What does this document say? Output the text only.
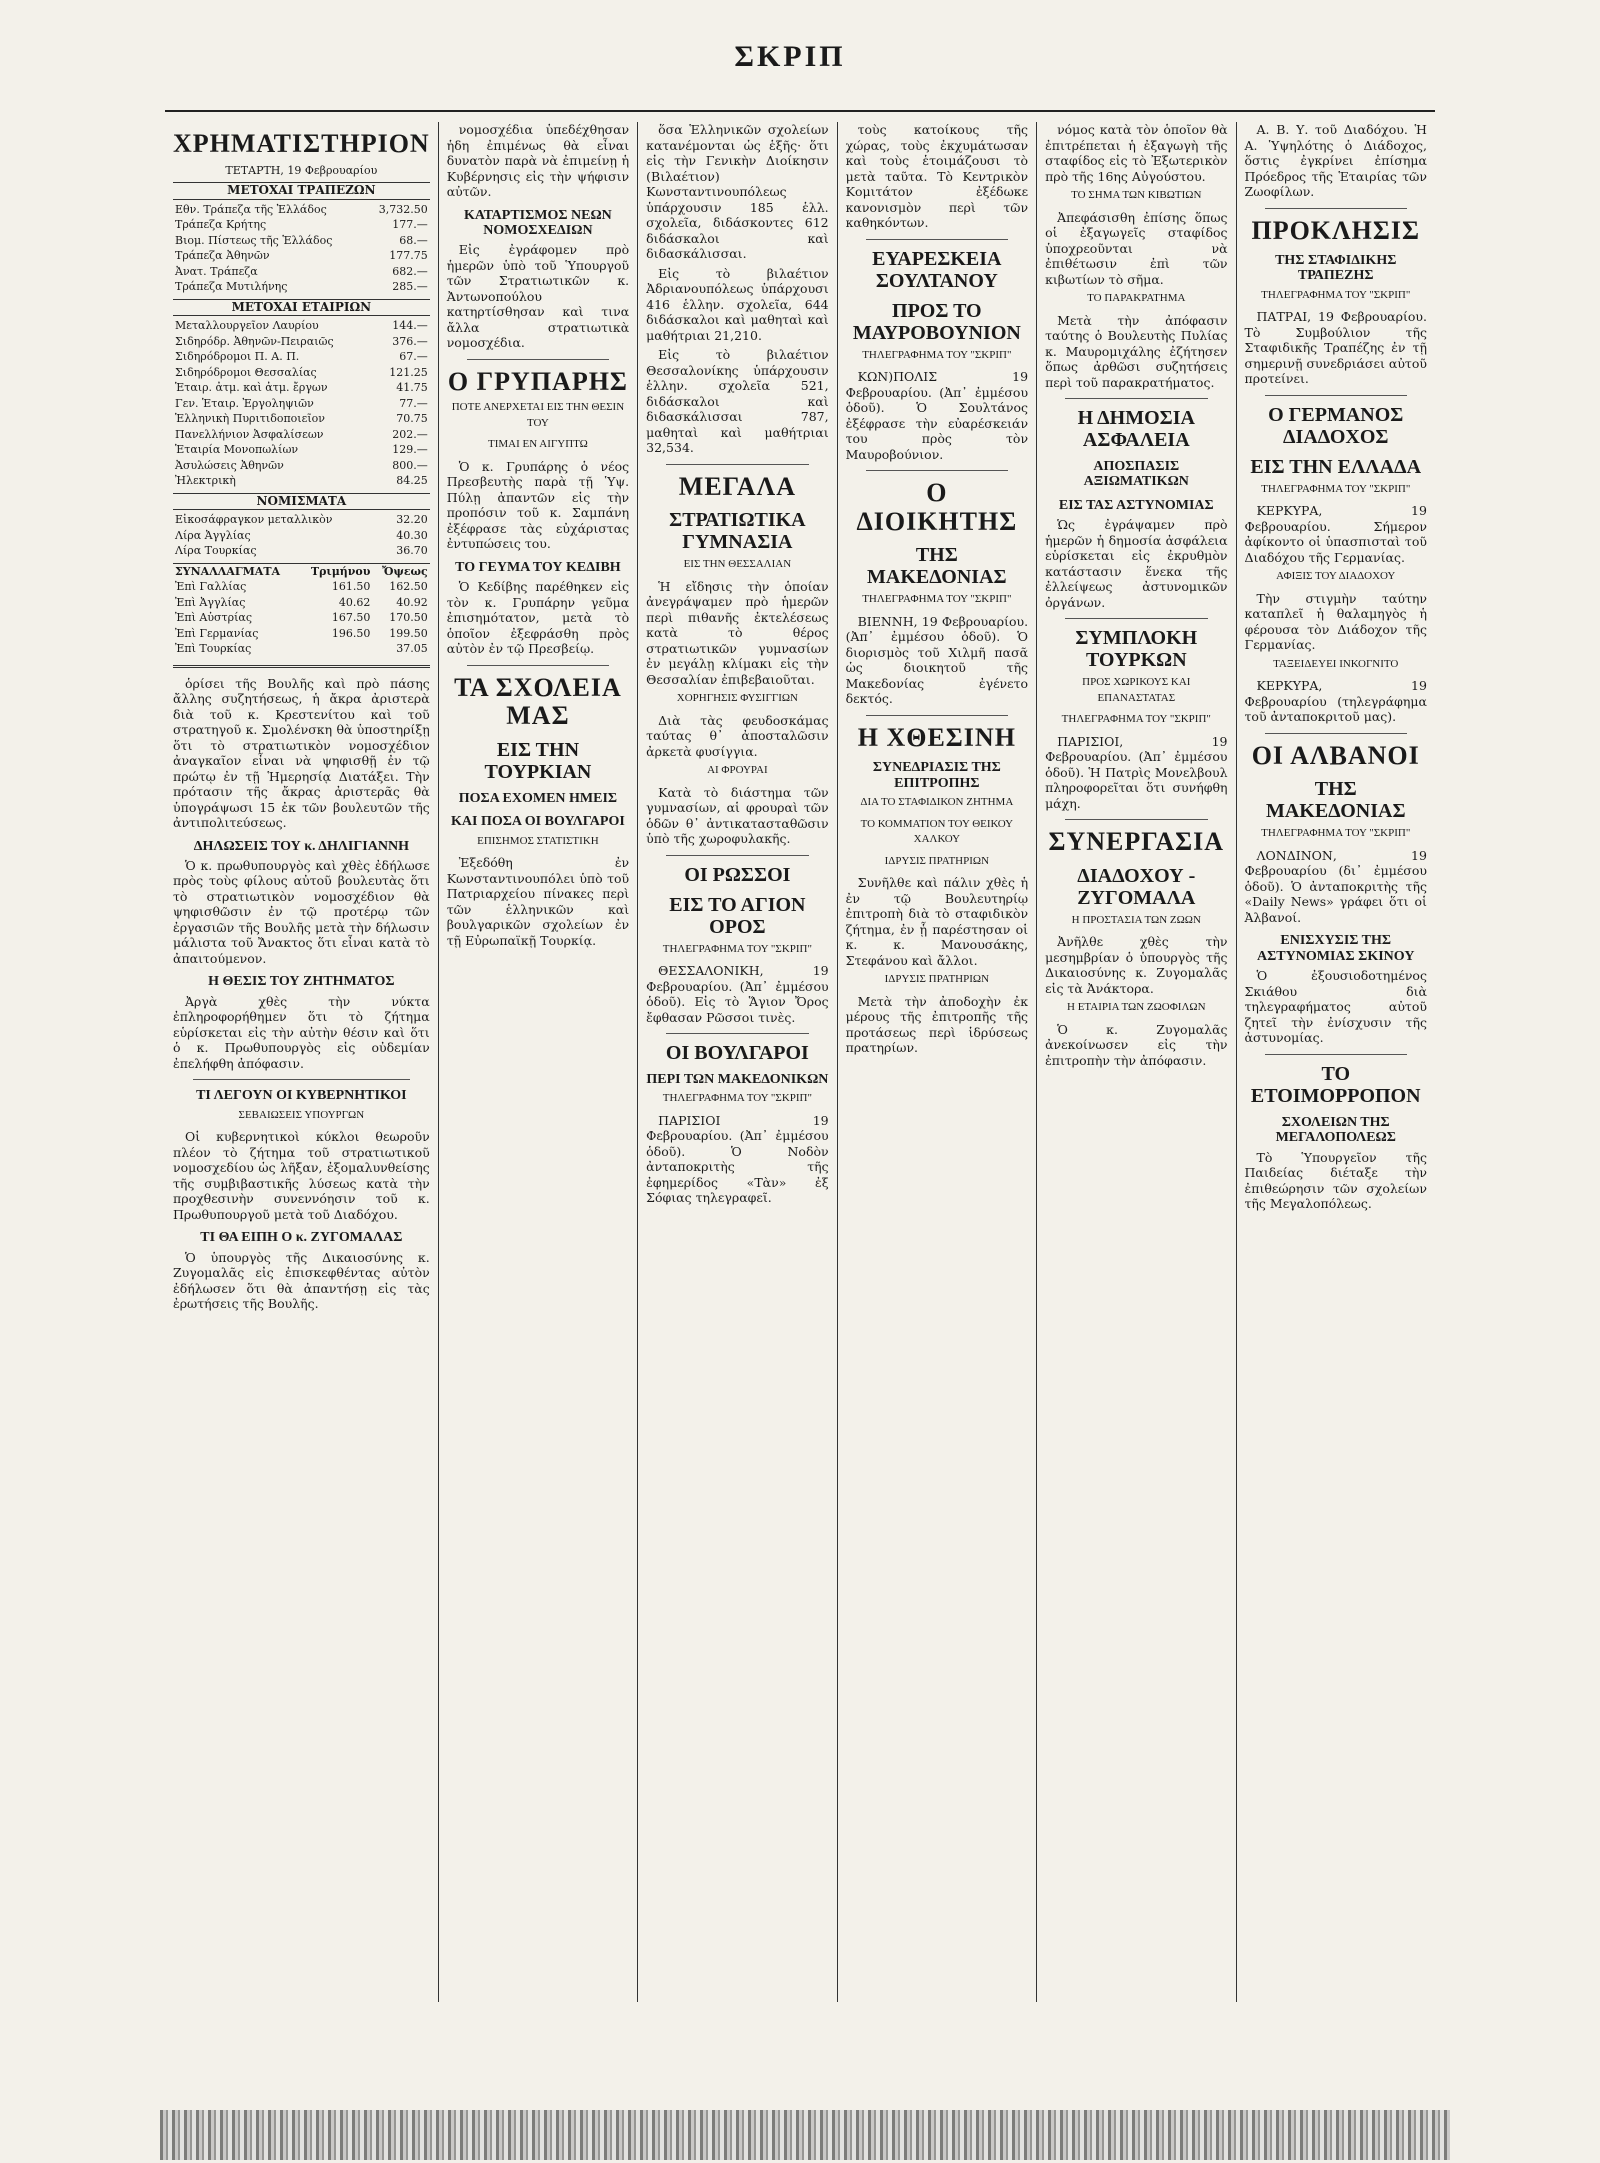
ΣΚΡΙΠ
ΧΡΗΜΑΤΙΣΤΗΡΙΟΝ
ΤΕΤΑΡΤΗ, 19 Φεβρουαρίου
ΜΕΤΟΧΑΙ ΤΡΑΠΕΖΩΝ
Εθν. Τράπεζα τῆς Ἑλλάδος	3,732.50
Τράπεζα Κρήτης	177.—
Βιομ. Πίστεως τῆς Ἑλλάδος	68.—
Τράπεζα Ἀθηνῶν	177.75
Ἀνατ. Τράπεζα	682.—
Τράπεζα Μυτιλήνης	285.—
ΜΕΤΟΧΑΙ ΕΤΑΙΡΙΩΝ
Μεταλλουργεῖον Λαυρίου	144.—
Σιδηρόδρ. Ἀθηνῶν-Πειραιῶς	376.—
Σιδηρόδρομοι Π. Α. Π.	67.—
Σιδηρόδρομοι Θεσσαλίας	121.25
Ἑταιρ. ἀτμ. καὶ ἀτμ. ἔργων	41.75
Γεν. Ἑταιρ. Ἐργοληψιῶν	77.—
Ἑλληνικὴ Πυριτιδοποιεῖον	70.75
Πανελλήνιον Ἀσφαλίσεων	202.—
Ἑταιρία Μονοπωλίων	129.—
Ἀσυλώσεις Ἀθηνῶν	800.—
Ἠλεκτρικὴ	84.25
ΝΟΜΙΣΜΑΤΑ
Εἰκοσάφραγκον μεταλλικὸν	32.20
Λίρα Ἀγγλίας	40.30
Λίρα Τουρκίας	36.70
ΣΥΝΑΛΛΑΓΜΑΤΑ	Τριμήνου	Ὄψεως
Ἐπὶ Γαλλίας	161.50	162.50
Ἐπὶ Ἀγγλίας	40.62	40.92
Ἐπὶ Αὐστρίας	167.50	170.50
Ἐπὶ Γερμανίας	196.50	199.50
Ἐπὶ Τουρκίας		37.05

ὁρίσει τῆς Βουλῆς καὶ πρὸ πάσης ἄλλης συζητήσεως, ἡ ἄκρα ἀριστερὰ διὰ τοῦ κ. Κρεστενίτου καὶ τοῦ στρατηγοῦ κ. Σμολένσκη θὰ ὑποστηρίξῃ ὅτι τὸ στρατιωτικὸν νομοσχέδιον ἀναγκαῖον εἶναι νὰ ψηφισθῇ ἐν τῷ πρώτῳ ἐν τῇ Ἡμερησίᾳ Διατάξει. Τὴν πρότασιν τῆς ἄκρας ἀριστερᾶς θὰ ὑπογράψωσι 15 ἐκ τῶν βουλευτῶν τῆς ἀντιπολιτεύσεως.

ΔΗΛΩΣΕΙΣ ΤΟΥ κ. ΔΗΛΙΓΙΑΝΝΗ

Ὁ κ. πρωθυπουργὸς καὶ χθὲς ἐδήλωσε πρὸς τοὺς φίλους αὐτοῦ βουλευτὰς ὅτι τὸ στρατιωτικὸν νομοσχέδιον θὰ ψηφισθῶσιν ἐν τῷ προτέρῳ τῶν ἐργασιῶν τῆς Βουλῆς μετὰ τὴν δήλωσιν μάλιστα τοῦ Ἄνακτος ὅτι εἶναι κατὰ τὸ ἀπαιτούμενον.

Η ΘΕΣΙΣ ΤΟΥ ΖΗΤΗΜΑΤΟΣ

Ἀργὰ χθὲς τὴν νύκτα ἐπληροφορήθημεν ὅτι τὸ ζήτημα εὑρίσκεται εἰς τὴν αὐτὴν θέσιν καὶ ὅτι ὁ κ. Πρωθυπουργὸς εἰς οὐδεμίαν ἐπελήφθη ἀπόφασιν.

ΤΙ ΛΕΓΟΥΝ ΟΙ ΚΥΒΕΡΝΗΤΙΚΟΙ
ΣΕΒΑΙΩΣΕΙΣ ΥΠΟΥΡΓΩΝ

Οἱ κυβερνητικοὶ κύκλοι θεωροῦν πλέον τὸ ζήτημα τοῦ στρατιωτικοῦ νομοσχεδίου ὡς λῆξαν, ἐξομαλυνθείσης τῆς συμβιβαστικῆς λύσεως κατὰ τὴν προχθεσινὴν συνεννόησιν τοῦ κ. Πρωθυπουργοῦ μετὰ τοῦ Διαδόχου.

ΤΙ ΘΑ ΕΙΠΗ Ο κ. ΖΥΓΟΜΑΛΑΣ

Ὁ ὑπουργὸς τῆς Δικαιοσύνης κ. Ζυγομαλᾶς εἰς ἐπισκεφθέντας αὐτὸν ἐδήλωσεν ὅτι θὰ ἀπαντήσῃ εἰς τὰς ἐρωτήσεις τῆς Βουλῆς.

νομοσχέδια ὑπεδέχθησαν ἡδη ἐπιμένως θὰ εἶναι δυνατὸν παρὰ νὰ ἐπιμείνῃ ἡ Κυβέρνησις εἰς τὴν ψήφισιν αὐτῶν.

ΚΑΤΑΡΤΙΣΜΟΣ ΝΕΩΝ ΝΟΜΟΣΧΕΔΙΩΝ

Εἰς ἐγράφομεν πρὸ ἡμερῶν ὑπὸ τοῦ Ὑπουργοῦ τῶν Στρατιωτικῶν κ. Ἀντωνοπούλου κατηρτίσθησαν καὶ τινα ἄλλα στρατιωτικὰ νομοσχέδια.

Ο ΓΡΥΠΑΡΗΣ
ΠΟΤΕ ΑΝΕΡΧΕΤΑΙ ΕΙΣ ΤΗΝ ΘΕΣΙΝ ΤΟΥ
ΤΙΜΑΙ ΕΝ ΑΙΓΥΠΤΩ

Ὁ κ. Γρυπάρης ὁ νέος Πρεσβευτὴς παρὰ τῇ Ὑψ. Πύλῃ ἀπαντῶν εἰς τὴν προπόσιν τοῦ κ. Σαμπάνη ἐξέφρασε τὰς εὐχάριστας ἐντυπώσεις του.

ΤΟ ΓΕΥΜΑ ΤΟΥ ΚΕΔΙΒΗ

Ὁ Κεδίβης παρέθηκεν εἰς τὸν κ. Γρυπάρην γεῦμα ἐπισημότατον, μετὰ τὸ ὁποῖον ἐξεφράσθη πρὸς αὐτὸν ἐν τῷ Πρεσβείῳ.

ΤΑ ΣΧΟΛΕΙΑ ΜΑΣ
ΕΙΣ ΤΗΝ ΤΟΥΡΚΙΑΝ
ΠΟΣΑ ΕΧΟΜΕΝ ΗΜΕΙΣ
ΚΑΙ ΠΟΣΑ ΟΙ ΒΟΥΛΓΑΡΟΙ
ΕΠΙΣΗΜΟΣ ΣΤΑΤΙΣΤΙΚΗ

Ἐξεδόθη ἐν Κωνσταντινουπόλει ὑπὸ τοῦ Πατριαρχείου πίνακες περὶ τῶν ἑλληνικῶν καὶ βουλγαρικῶν σχολείων ἐν τῇ Εὐρωπαϊκῇ Τουρκίᾳ.

ὅσα Ἑλληνικῶν σχολείων κατανέμονται ὡς ἑξῆς· ὅτι εἰς τὴν Γενικὴν Διοίκησιν (Βιλαέτιον) Κωνσταντινουπόλεως ὑπάρχουσιν 185 ἑλλ. σχολεῖα, διδάσκοντες 612 διδάσκαλοι καὶ διδασκάλισσαι.

Εἰς τὸ βιλαέτιον Ἀδριανουπόλεως ὑπάρχουσι 416 ἑλλην. σχολεῖα, 644 διδάσκαλοι καὶ μαθηταὶ καὶ μαθήτριαι 21,210.

Εἰς τὸ βιλαέτιον Θεσσαλονίκης ὑπάρχουσιν ἑλλην. σχολεῖα 521, διδάσκαλοι καὶ διδασκάλισσαι 787, μαθηταὶ καὶ μαθήτριαι 32,534.

ΜΕΓΑΛΑ
ΣΤΡΑΤΙΩΤΙΚΑ ΓΥΜΝΑΣΙΑ
ΕΙΣ ΤΗΝ ΘΕΣΣΑΛΙΑΝ

Ἡ εἴδησις τὴν ὁποίαν ἀνεγράψαμεν πρὸ ἡμερῶν περὶ πιθανῆς ἐκτελέσεως κατὰ τὸ θέρος στρατιωτικῶν γυμνασίων ἐν μεγάλῃ κλίμακι εἰς τὴν Θεσσαλίαν ἐπιβεβαιοῦται.

ΧΟΡΗΓΗΣΙΣ ΦΥΣΙΓΓΙΩΝ

Διὰ τὰς φευδοσκάμας ταύτας θ᾿ ἀποσταλῶσιν ἀρκετὰ φυσίγγια.

ΑΙ ΦΡΟΥΡΑΙ

Κατὰ τὸ διάστημα τῶν γυμνασίων, αἱ φρουραὶ τῶν ὁδῶν θ᾿ ἀντικατασταθῶσιν ὑπὸ τῆς χωροφυλακῆς.

ΟΙ ΡΩΣΣΟΙ
ΕΙΣ ΤΟ ΑΓΙΟΝ ΟΡΟΣ
ΤΗΛΕΓΡΑΦΗΜΑ ΤΟΥ "ΣΚΡΙΠ"

ΘΕΣΣΑΛΟΝΙΚΗ, 19 Φεβρουαρίου. (Ἀπ᾿ ἐμμέσου ὁδοῦ). Εἰς τὸ Ἅγιον Ὄρος ἔφθασαν Ρῶσσοι τινὲς.

ΟΙ ΒΟΥΛΓΑΡΟΙ
ΠΕΡΙ ΤΩΝ ΜΑΚΕΔΟΝΙΚΩΝ
ΤΗΛΕΓΡΑΦΗΜΑ ΤΟΥ "ΣΚΡΙΠ"

ΠΑΡΙΣΙΟΙ 19 Φεβρουαρίου. (Ἀπ᾿ ἐμμέσου ὁδοῦ). Ὁ Νοδὸν ἀνταποκριτὴς τῆς ἐφημερίδος «Τὰν» ἐξ Σόφιας τηλεγραφεῖ.

τοὺς κατοίκους τῆς χώρας, τοὺς ἐκχυμάτωσαν καὶ τοὺς ἑτοιμάζουσι τὸ μετὰ ταῦτα. Τὸ Κεντρικὸν Κομιτάτον ἐξέδωκε κανονισμὸν περὶ τῶν καθηκόντων.

ΕΥΑΡΕΣΚΕΙΑ ΣΟΥΛΤΑΝΟΥ
ΠΡΟΣ ΤΟ ΜΑΥΡΟΒΟΥΝΙΟΝ
ΤΗΛΕΓΡΑΦΗΜΑ ΤΟΥ "ΣΚΡΙΠ"

ΚΩΝ)ΠΟΛΙΣ 19 Φεβρουαρίου. (Ἀπ᾿ ἐμμέσου ὁδοῦ). Ὁ Σουλτάνος ἐξέφρασε τὴν εὐαρέσκειάν του πρὸς τὸν Μαυροβούνιον.

Ο ΔΙΟΙΚΗΤΗΣ
ΤΗΣ ΜΑΚΕΔΟΝΙΑΣ
ΤΗΛΕΓΡΑΦΗΜΑ ΤΟΥ "ΣΚΡΙΠ"

ΒΙΕΝΝΗ, 19 Φεβρουαρίου. (Ἀπ᾿ ἐμμέσου ὁδοῦ). Ὁ διορισμὸς τοῦ Χιλμῆ πασᾶ ὡς διοικητοῦ τῆς Μακεδονίας ἐγένετο δεκτός.

Η ΧΘΕΣΙΝΗ
ΣΥΝΕΔΡΙΑΣΙΣ ΤΗΣ ΕΠΙΤΡΟΠΗΣ
ΔΙΑ ΤΟ ΣΤΑΦΙΔΙΚΟΝ ΖΗΤΗΜΑ
ΤΟ ΚΟΜΜΑΤΙΟΝ ΤΟΥ ΘΕΙΚΟΥ ΧΑΛΚΟΥ
ΙΔΡΥΣΙΣ ΠΡΑΤΗΡΙΩΝ

Συνῆλθε καὶ πάλιν χθὲς ἡ ἐν τῷ Βουλευτηρίῳ ἐπιτροπὴ διὰ τὸ σταφιδικὸν ζήτημα, ἐν ᾗ παρέστησαν οἱ κ. κ. Μανουσάκης, Στεφάνου καὶ ἄλλοι.

ΙΔΡΥΣΙΣ ΠΡΑΤΗΡΙΩΝ

Μετὰ τὴν ἀποδοχὴν ἐκ μέρους τῆς ἐπιτροπῆς τῆς προτάσεως περὶ ἱδρύσεως πρατηρίων.

νόμος κατὰ τὸν ὁποῖον θὰ ἐπιτρέπεται ἡ ἐξαγωγὴ τῆς σταφίδος εἰς τὸ Ἐξωτερικὸν πρὸ τῆς 16ης Αὐγούστου.

ΤΟ ΣΗΜΑ ΤΩΝ ΚΙΒΩΤΙΩΝ

Ἀπεφάσισθη ἐπίσης ὅπως οἱ ἐξαγωγεῖς σταφίδος ὑποχρεοῦνται νὰ ἐπιθέτωσιν ἐπὶ τῶν κιβωτίων τὸ σῆμα.

ΤΟ ΠΑΡΑΚΡΑΤΗΜΑ

Μετὰ τὴν ἀπόφασιν ταύτης ὁ Βουλευτὴς Πυλίας κ. Μαυρομιχάλης ἐζήτησεν ὅπως ἀρθῶσι συζητήσεις περὶ τοῦ παρακρατήματος.

Η ΔΗΜΟΣΙΑ ΑΣΦΑΛΕΙΑ
ΑΠΟΣΠΑΣΙΣ ΑΞΙΩΜΑΤΙΚΩΝ
ΕΙΣ ΤΑΣ ΑΣΤΥΝΟΜΙΑΣ

Ὡς ἐγράψαμεν πρὸ ἡμερῶν ἡ δημοσία ἀσφάλεια εὑρίσκεται εἰς ἐκρυθμὸν κατάστασιν ἕνεκα τῆς ἐλλείψεως ἀστυνομικῶν ὀργάνων.

ΣΥΜΠΛΟΚΗ ΤΟΥΡΚΩΝ
ΠΡΟΣ ΧΩΡΙΚΟΥΣ ΚΑΙ ΕΠΑΝΑΣΤΑΤΑΣ
ΤΗΛΕΓΡΑΦΗΜΑ ΤΟΥ "ΣΚΡΙΠ"

ΠΑΡΙΣΙΟΙ, 19 Φεβρουαρίου. (Ἀπ᾿ ἐμμέσου ὁδοῦ). Ἡ Πατρὶς Μονελβουλ πληροφορεῖται ὅτι συνήφθη μάχη.

ΣΥΝΕΡΓΑΣΙΑ
ΔΙΑΔΟΧΟΥ - ΖΥΓΟΜΑΛΑ
Η ΠΡΟΣΤΑΣΙΑ ΤΩΝ ΖΩΩΝ

Ἀνῆλθε χθὲς τὴν μεσημβρίαν ὁ ὑπουργὸς τῆς Δικαιοσύνης κ. Ζυγομαλᾶς εἰς τὰ Ἀνάκτορα.

Η ΕΤΑΙΡΙΑ ΤΩΝ ΖΩΟΦΙΛΩΝ

Ὁ κ. Ζυγομαλᾶς ἀνεκοίνωσεν εἰς τὴν ἐπιτροπὴν τὴν ἀπόφασιν.

Α. Β. Υ. τοῦ Διαδόχου. Ἡ Α. Ὑψηλότης ὁ Διάδοχος, ὅστις ἐγκρίνει ἐπίσημα Πρόεδρος τῆς Ἑταιρίας τῶν Ζωοφίλων.

ΠΡΟΚΛΗΣΙΣ
ΤΗΣ ΣΤΑΦΙΔΙΚΗΣ ΤΡΑΠΕΖΗΣ
ΤΗΛΕΓΡΑΦΗΜΑ ΤΟΥ "ΣΚΡΙΠ"

ΠΑΤΡΑΙ, 19 Φεβρουαρίου. Τὸ Συμβούλιον τῆς Σταφιδικῆς Τραπέζης ἐν τῇ σημερινῇ συνεδριάσει αὐτοῦ προτείνει.

Ο ΓΕΡΜΑΝΟΣ ΔΙΑΔΟΧΟΣ
ΕΙΣ ΤΗΝ ΕΛΛΑΔΑ
ΤΗΛΕΓΡΑΦΗΜΑ ΤΟΥ "ΣΚΡΙΠ"

ΚΕΡΚΥΡΑ, 19 Φεβρουαρίου. Σήμερον ἀφίκοντο οἱ ὑπασπισταὶ τοῦ Διαδόχου τῆς Γερμανίας.

ΑΦΙΞΙΣ ΤΟΥ ΔΙΑΔΟΧΟΥ

Τὴν στιγμὴν ταύτην καταπλεῖ ἡ θαλαμηγὸς ἡ φέρουσα τὸν Διάδοχον τῆς Γερμανίας.

ΤΑΞΕΙΔΕΥΕΙ ΙΝΚΟΓΝΙΤΟ

ΚΕΡΚΥΡΑ, 19 Φεβρουαρίου (τηλεγράφημα τοῦ ἀνταποκριτοῦ μας).

ΟΙ ΑΛΒΑΝΟΙ
ΤΗΣ ΜΑΚΕΔΟΝΙΑΣ
ΤΗΛΕΓΡΑΦΗΜΑ ΤΟΥ "ΣΚΡΙΠ"

ΛΟΝΔΙΝΟΝ, 19 Φεβρουαρίου (δι᾿ ἐμμέσου ὁδοῦ). Ὁ ἀνταποκριτὴς τῆς «Daily News» γράφει ὅτι οἱ Ἀλβανοί.

ΕΝΙΣΧΥΣΙΣ ΤΗΣ ΑΣΤΥΝΟΜΙΑΣ ΣΚΙΝΟΥ

Ὁ ἐξουσιοδοτημένος Σκιάθου διὰ τηλεγραφήματος αὐτοῦ ζητεῖ τὴν ἐνίσχυσιν τῆς ἀστυνομίας.

ΤΟ ΕΤΟΙΜΟΡΡΟΠΟΝ
ΣΧΟΛΕΙΩΝ ΤΗΣ ΜΕΓΑΛΟΠΟΛΕΩΣ

Τὸ Ὑπουργεῖον τῆς Παιδείας διέταξε τὴν ἐπιθεώρησιν τῶν σχολείων τῆς Μεγαλοπόλεως.
